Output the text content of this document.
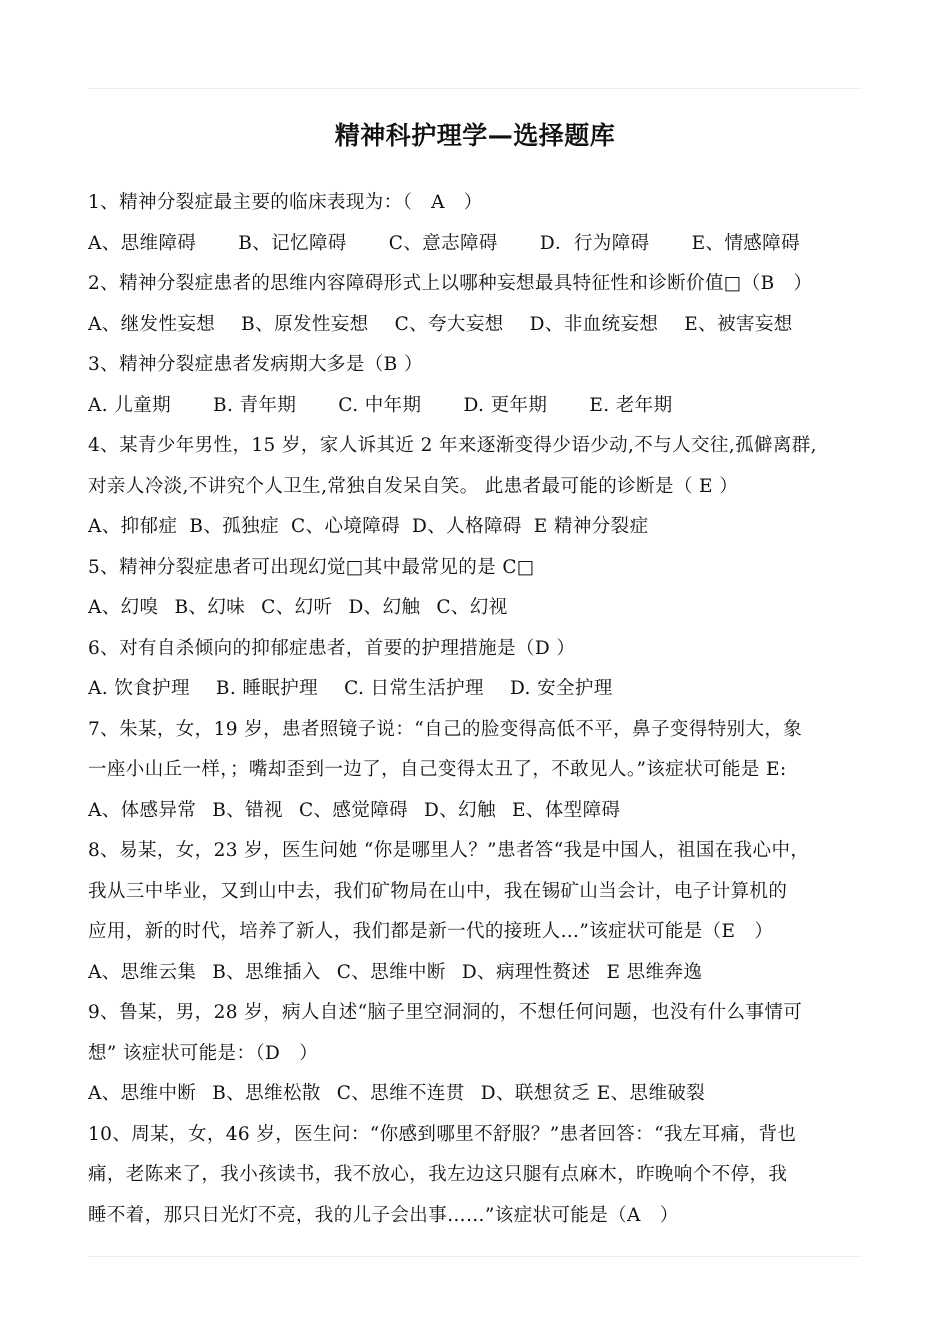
精神科护理学—选择题库
1、精神分裂症最主要的临床表现为：（　A　）
A、思维障碍 B、记忆障碍 C、意志障碍 D．行为障碍 E、情感障碍
2、精神分裂症患者的思维内容障碍形式上以哪种妄想最具特征性和诊断价值□（B　）
A、继发性妄想 B、原发性妄想 C、夸大妄想 D、非血统妄想 E、被害妄想
3、精神分裂症患者发病期大多是（B ）
A. 儿童期 B. 青年期 C. 中年期 D. 更年期 E. 老年期
4、某青少年男性，15 岁，家人诉其近 2 年来逐渐变得少语少动,不与人交往,孤僻离群,
对亲人冷淡,不讲究个人卫生,常独自发呆自笑。 此患者最可能的诊断是（ E ）
A、抑郁症 B、孤独症 C、心境障碍 D、人格障碍 E 精神分裂症
5、精神分裂症患者可出现幻觉□其中最常见的是 C□
A、幻嗅 B、幻味 C、幻听 D、幻触 C、幻视
6、对有自杀倾向的抑郁症患者，首要的护理措施是（D ）
A. 饮食护理 B. 睡眠护理 C. 日常生活护理 D. 安全护理
7、朱某，女，19 岁，患者照镜子说：“自己的脸变得高低不平，鼻子变得特别大，象
一座小山丘一样，；嘴却歪到一边了，自己变得太丑了，不敢见人。”该症状可能是 E:
A、体感异常 B、错视 C、感觉障碍 D、幻触 E、体型障碍
8、易某，女，23 岁，医生问她 “你是哪里人？”患者答“我是中国人，祖国在我心中，
我从三中毕业，又到山中去，我们矿物局在山中，我在锡矿山当会计，电子计算机的
应用，新的时代，培养了新人，我们都是新一代的接班人…”该症状可能是（E　）
A、思维云集 B、思维插入 C、思维中断 D、病理性赘述 E 思维奔逸
9、鲁某，男，28 岁，病人自述“脑子里空洞洞的，不想任何问题，也没有什么事情可
想” 该症状可能是：（D　）
A、思维中断 B、思维松散 C、思维不连贯 D、联想贫乏 E、思维破裂
10、周某，女，46 岁，医生问：“你感到哪里不舒服？”患者回答：“我左耳痛，背也
痛，老陈来了，我小孩读书，我不放心，我左边这只腿有点麻木，昨晚响个不停，我
睡不着，那只日光灯不亮，我的儿子会出事……”该症状可能是（A　）
